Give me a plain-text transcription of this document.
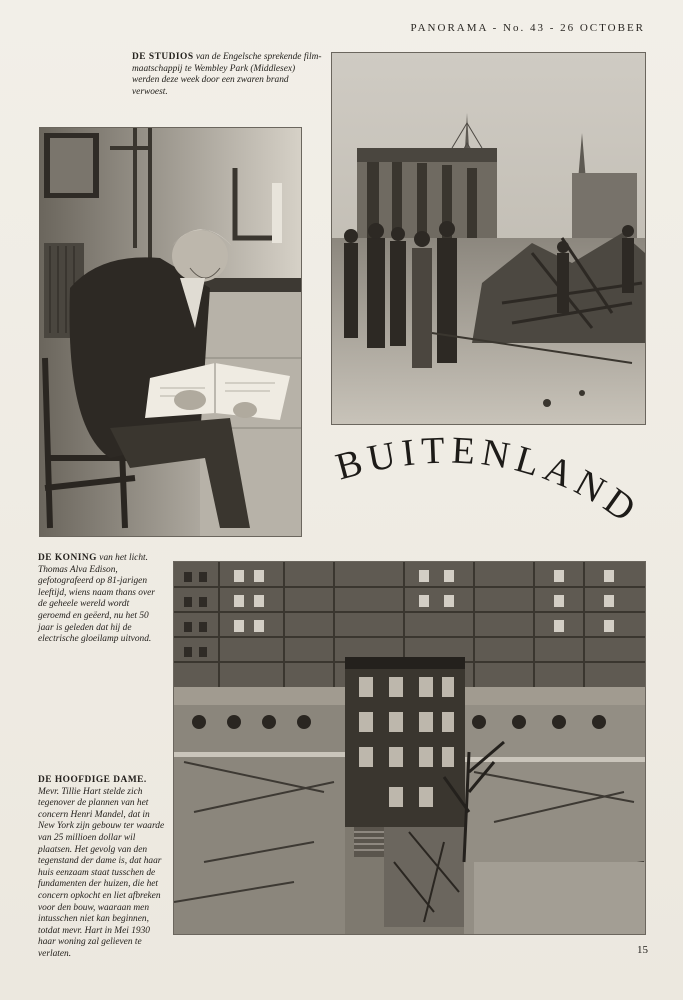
PANORAMA - No. 43 - 26 OCTOBER
DE STUDIOS van de Engelsche sprekende film-maatschappij te Wembley Park (Middlesex) werden deze week door een zwaren brand verwoest.
BUITENLAND
DE KONING van het licht. Thomas Alva Edison, gefotografeerd op 81-jarigen leeftijd, wiens naam thans over de geheele wereld wordt geroemd en geëerd, nu het 50 jaar is geleden dat hij de electrische gloeilamp uitvond.
DE HOOFDIGE DAME. Mevr. Tillie Hart stelde zich tegenover de plannen van het concern Henri Mandel, dat in New York zijn gebouw ter waarde van 25 millioen dollar wil plaatsen. Het gevolg van den tegenstand der dame is, dat haar huis eenzaam staat tusschen de fundamenten der huizen, die het concern opkocht en liet afbreken voor den bouw, waaraan men intusschen niet kan beginnen, totdat mevr. Hart in Mei 1930 haar woning zal gelieven te verlaten.	15
